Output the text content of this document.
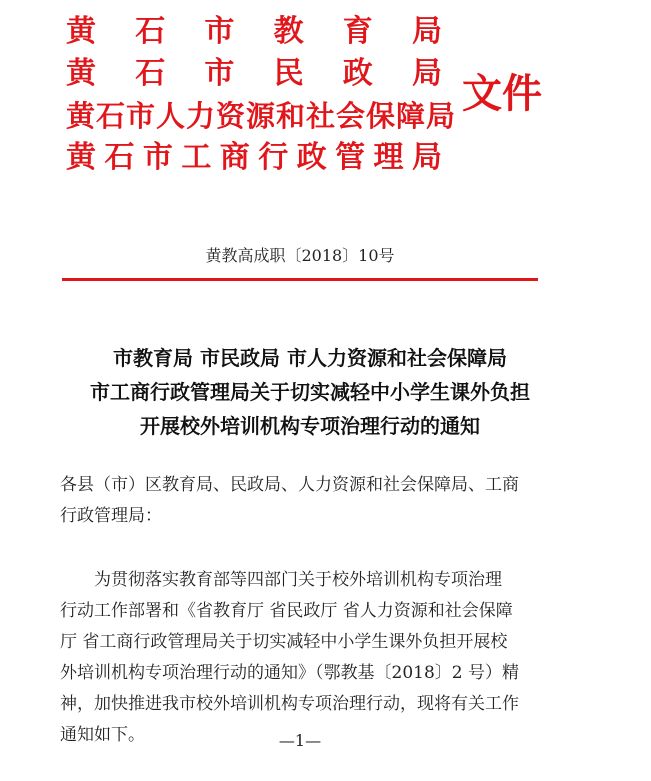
黄石市教育局
黄石市民政局
黄石市人力资源和社会保障局
黄石市工商行政管理局
文件
黄教高成职〔2018〕10号
市教育局 市民政局 市人力资源和社会保障局
市工商行政管理局关于切实减轻中小学生课外负担
开展校外培训机构专项治理行动的通知
各县（市）区教育局、民政局、人力资源和社会保障局、工商
行政管理局：
　　为贯彻落实教育部等四部门关于校外培训机构专项治理
行动工作部署和《省教育厅 省民政厅 省人力资源和社会保障
厅 省工商行政管理局关于切实减轻中小学生课外负担开展校
外培训机构专项治理行动的通知》（鄂教基〔2018〕2 号）精
神，加快推进我市校外培训机构专项治理行动，现将有关工作
通知如下。	—1—
